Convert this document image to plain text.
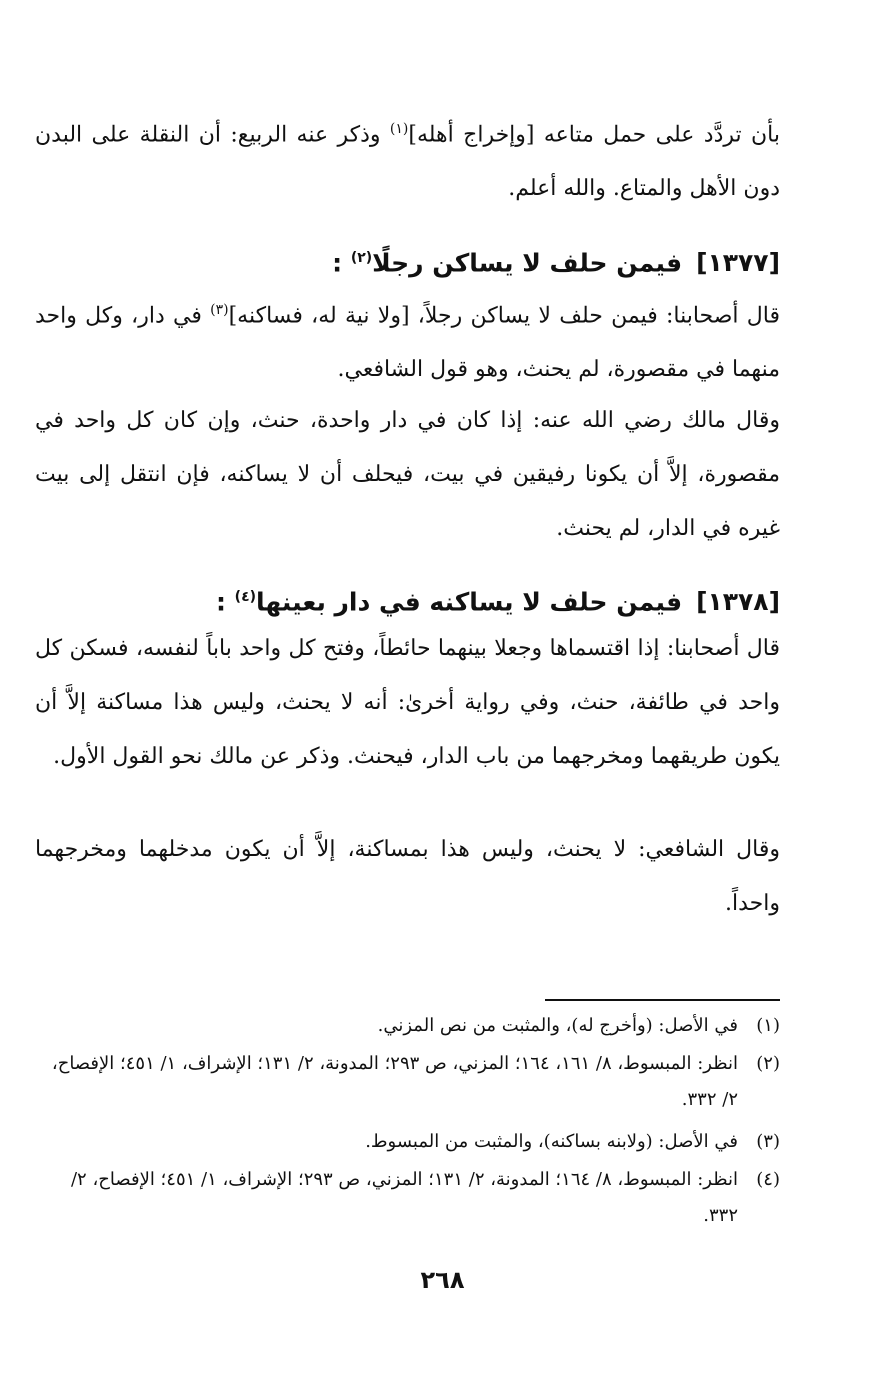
بأن تردَّد على حمل متاعه [وإخراج أهله]$^{(١)}$ وذكر عنه الربيع: أن النقلة على البدن دون الأهل والمتاع. والله أعلم.

[١٣٧٧]فيمن حلف لا يساكن رجلًا$^{(٢)}$ :

قال أصحابنا: فيمن حلف لا يساكن رجلاً، [ولا نية له، فساكنه]$^{(٣)}$ في دار، وكل واحد منهما في مقصورة، لم يحنث، وهو قول الشافعي.

وقال مالك رضي الله عنه: إذا كان في دار واحدة، حنث، وإن كان كل واحد في مقصورة، إلاَّ أن يكونا رفيقين في بيت، فيحلف أن لا يساكنه، فإن انتقل إلى بيت غيره في الدار، لم يحنث.

[١٣٧٨]فيمن حلف لا يساكنه في دار بعينها$^{(٤)}$ :

قال أصحابنا: إذا اقتسماها وجعلا بينهما حائطاً، وفتح كل واحد باباً لنفسه، فسكن كل واحد في طائفة، حنث، وفي رواية أخرىٰ: أنه لا يحنث، وليس هذا مساكنة إلاَّ أن يكون طريقهما ومخرجهما من باب الدار، فيحنث. وذكر عن مالك نحو القول الأول.

وقال الشافعي: لا يحنث، وليس هذا بمساكنة، إلاَّ أن يكون مدخلهما ومخرجهما واحداً.

(١)
في الأصل: (وأخرج له)، والمثبت من نص المزني.
(٢)
انظر: المبسوط، ٨/ ١٦١، ١٦٤؛ المزني، ص ٢٩٣؛ المدونة، ٢/ ١٣١؛ الإشراف، ١/ ٤٥١؛ الإفصاح، ٢/ ٣٣٢.
(٣)
في الأصل: (ولابنه بساكنه)، والمثبت من المبسوط.
(٤)
انظر: المبسوط، ٨/ ١٦٤؛ المدونة، ٢/ ١٣١؛ المزني، ص ٢٩٣؛ الإشراف، ١/ ٤٥١؛ الإفصاح، ٢/ ٣٣٢.
٢٦٨
